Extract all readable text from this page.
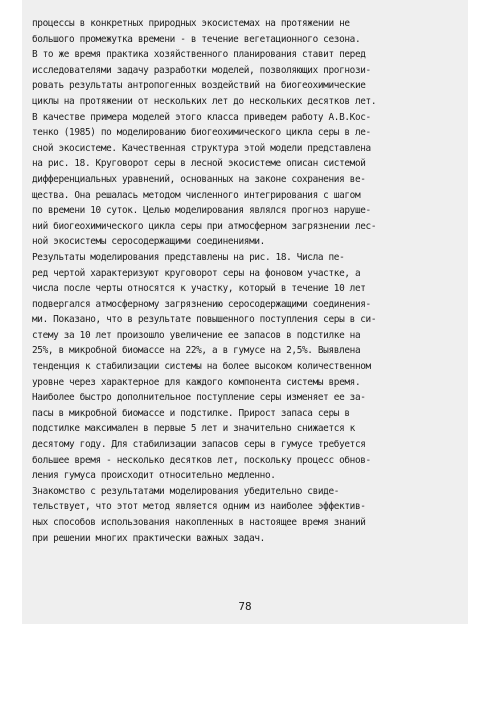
процессы в конкретных природных экосистемах на протяжении не
большого промежутка времени - в течение вегетационного сезона.
В то же время практика хозяйственного планирования ставит перед
исследователями задачу разработки моделей, позволяющих прогнози-
ровать результаты антропогенных воздействий на биогеохимические
циклы на протяжении от нескольких лет до нескольких десятков лет.
В качестве примера моделей этого класса приведем работу А.В.Кос-
тенко (1985) по моделированию биогеохимического цикла серы в ле-
сной экосистеме. Качественная структура этой модели представлена
на рис. 18. Круговорот серы в лесной экосистеме описан системой
дифференциальных уравнений, основанных на законе сохранения ве-
щества. Она решалась методом численного интегрирования с шагом
по времени 10 суток. Целью моделирования являлся прогноз наруше-
ний биогеохимического цикла серы при атмосферном загрязнении лес-
ной экосистемы серосодержащими соединениями.
Результаты моделирования представлены на рис. 18. Числа пе-
ред чертой характеризуют круговорот серы на фоновом участке, а
числа после черты относятся к участку, который в течение 10 лет
подвергался атмосферному загрязнению серосодержащими соединения-
ми. Показано, что в результате повышенного поступления серы в си-
стему за 10 лет произошло увеличение ее запасов в подстилке на
25%, в микробной биомассе на 22%, а в гумусе на 2,5%. Выявлена
тенденция к стабилизации системы на более высоком количественном
уровне через характерное для каждого компонента системы время.
Наиболее быстро дополнительное поступление серы изменяет ее за-
пасы в микробной биомассе и подстилке. Прирост запаса серы в
подстилке максимален в первые 5 лет и значительно снижается к
десятому году. Для стабилизации запасов серы в гумусе требуется
большее время - несколько десятков лет, поскольку процесс обнов-
ления гумуса происходит относительно медленно.
Знакомство с результатами моделирования убедительно свиде-
тельствует, что этот метод является одним из наиболее эффектив-
ных способов использования накопленных в настоящее время знаний
при решении многих практически важных задач.
78
